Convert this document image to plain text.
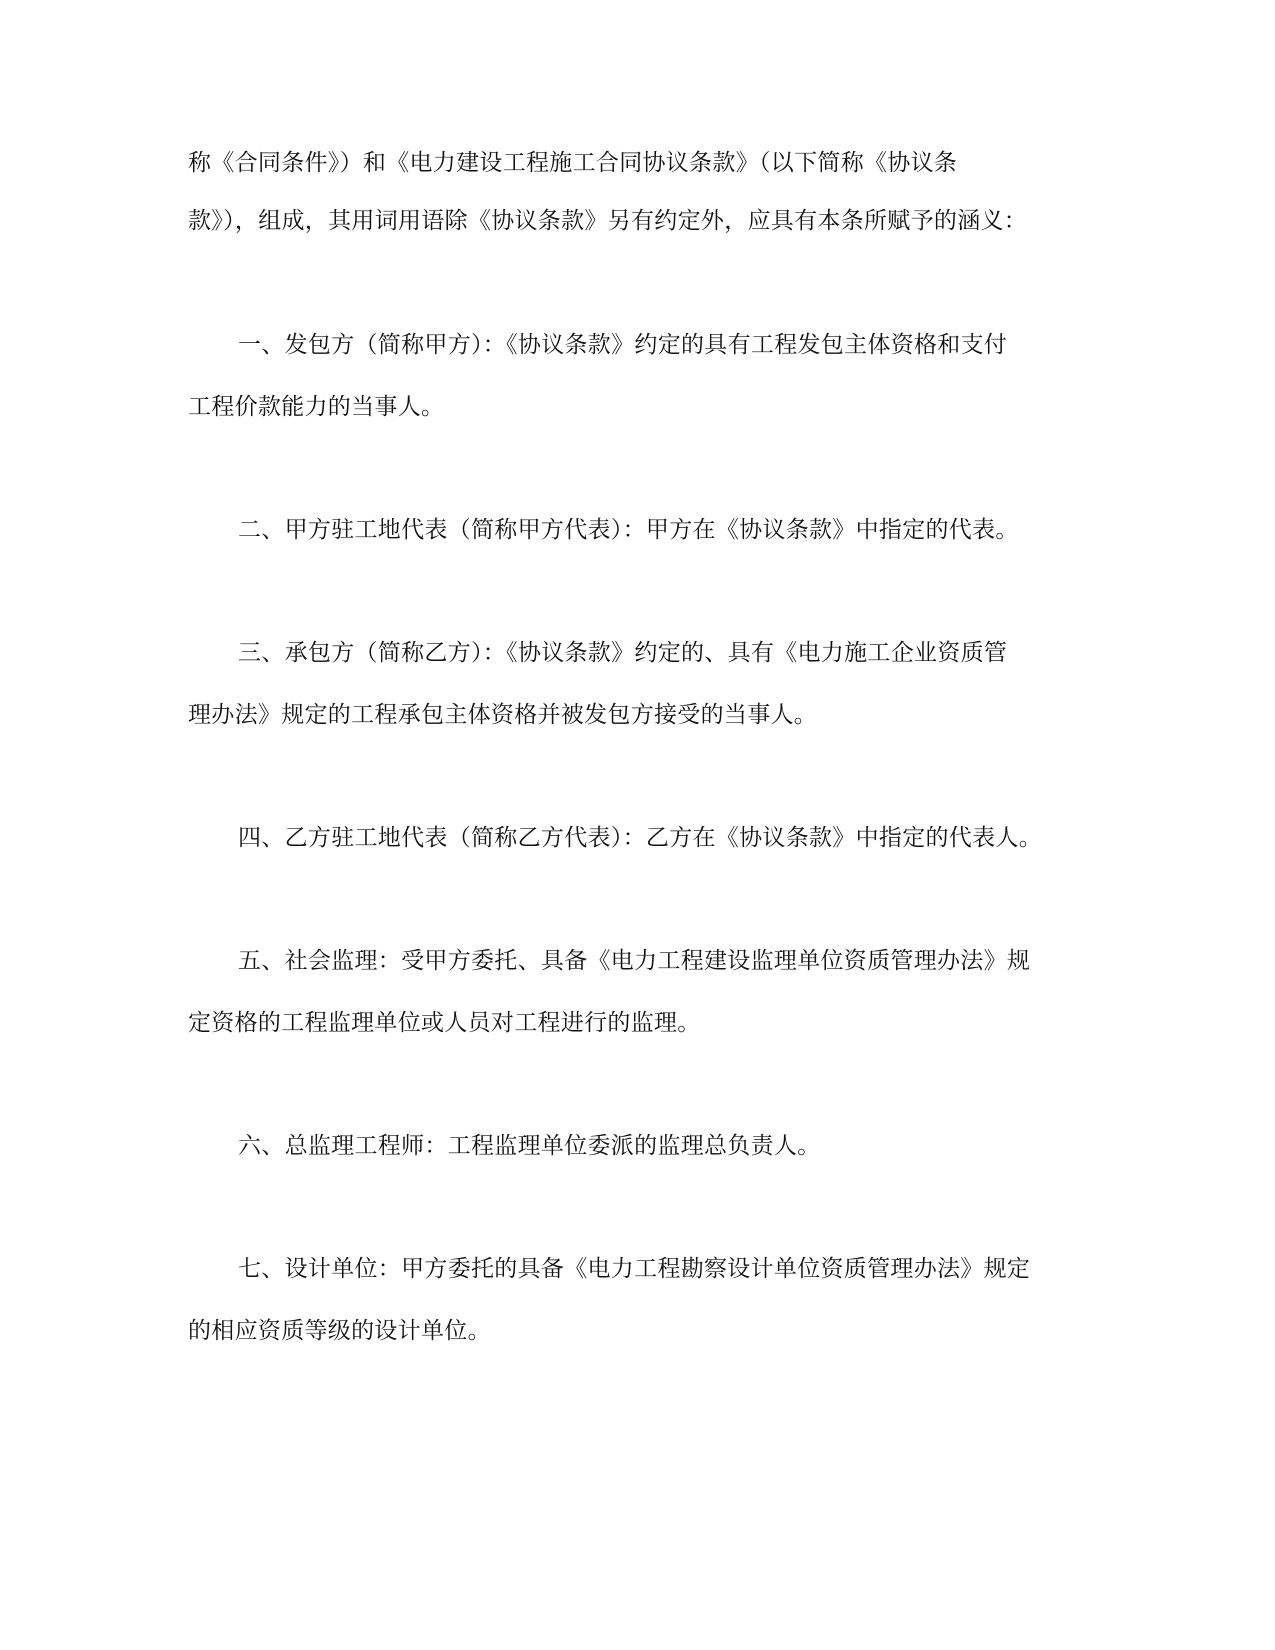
称《合同条件》）和《电力建设工程施工合同协议条款》（以下简称《协议条
款》），组成，其用词用语除《协议条款》另有约定外，应具有本条所赋予的涵义：
一、发包方（简称甲方）：《协议条款》约定的具有工程发包主体资格和支付
工程价款能力的当事人。
二、甲方驻工地代表（简称甲方代表）：甲方在《协议条款》中指定的代表。
三、承包方（简称乙方）：《协议条款》约定的、具有《电力施工企业资质管
理办法》规定的工程承包主体资格并被发包方接受的当事人。
四、乙方驻工地代表（简称乙方代表）：乙方在《协议条款》中指定的代表人。
五、社会监理：受甲方委托、具备《电力工程建设监理单位资质管理办法》规
定资格的工程监理单位或人员对工程进行的监理。
六、总监理工程师：工程监理单位委派的监理总负责人。
七、设计单位：甲方委托的具备《电力工程勘察设计单位资质管理办法》规定
的相应资质等级的设计单位。
